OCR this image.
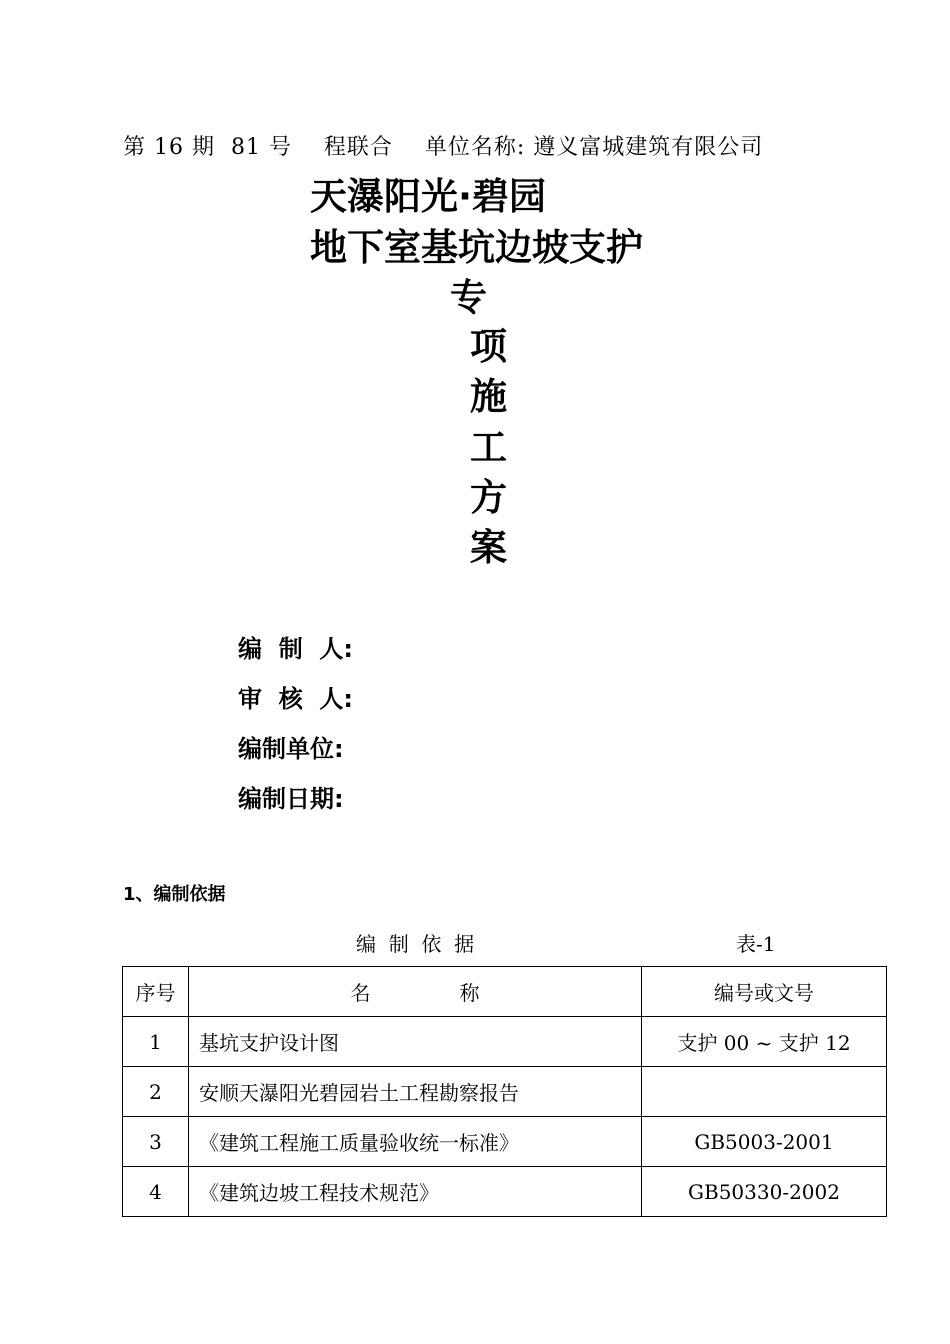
第 16 期  81 号    程联合    单位名称: 遵义富城建筑有限公司
天瀑阳光·碧园
地下室基坑边坡支护
专
项
施
工
方
案
编  制  人:
审  核  人:
编制单位:
编制日期:
1、编制依据
编  制  依  据	表-1
序号	名              称	编号或文号
1	基坑支护设计图	支护 00 ~ 支护 12
2	安顺天瀑阳光碧园岩土工程勘察报告	
3	《建筑工程施工质量验收统一标准》	GB5003-2001
4	《建筑边坡工程技术规范》	GB50330-2002
